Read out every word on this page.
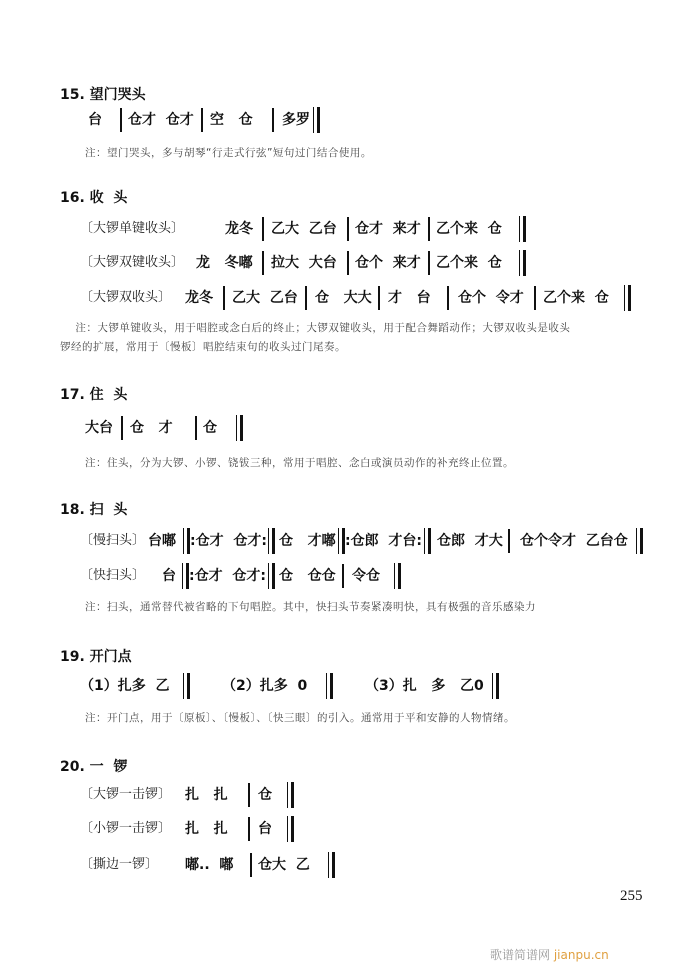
15. 望门哭头
台 仓才  仓才 空   仓 多罗
注：望门哭头，多与胡琴“行走式行弦”短句过门结合使用。
16. 收  头
〔大锣单键收头〕	龙冬 乙大  乙台 仓才  来才 乙个来  仓
〔大锣双键收头〕 龙   冬嘟 拉大  大台 仓个  来才 乙个来  仓
〔大锣双收头〕 龙冬 乙大  乙台 仓   大大 才   台 仓个  令才 乙个来  仓
注：大锣单键收头，用于唱腔或念白后的终止；大锣双键收头，用于配合舞蹈动作；大锣双收头是收头
锣经的扩展，常用于〔慢板〕唱腔结束句的收头过门尾奏。
17. 住  头
大台 仓   才 仓
注：住头，分为大锣、小锣、铙钹三种，常用于唱腔、念白或演员动作的补充终止位置。
18. 扫  头
〔慢扫头〕 台嘟 :仓才  仓才: 仓   才嘟 :仓郎  才台: 仓郎  才大 仓个令才  乙台仓
〔快扫头〕 台 :仓才  仓才: 仓   仓仓 令仓
注：扫头，通常替代被省略的下句唱腔。其中，快扫头节奏紧凑明快，具有极强的音乐感染力
19. 开门点
（1）扎多  乙	（2）扎多  0	（3）扎   多   乙0
注：开门点，用于〔原板〕、〔慢板〕、〔快三眼〕的引入。通常用于平和安静的人物情绪。
20. 一  锣
〔大锣一击锣〕 扎   扎 仓
〔小锣一击锣〕 扎   扎 台
〔撕边一锣〕 嘟..  嘟 仓大  乙
255
歌谱简谱网 jianpu.cn
